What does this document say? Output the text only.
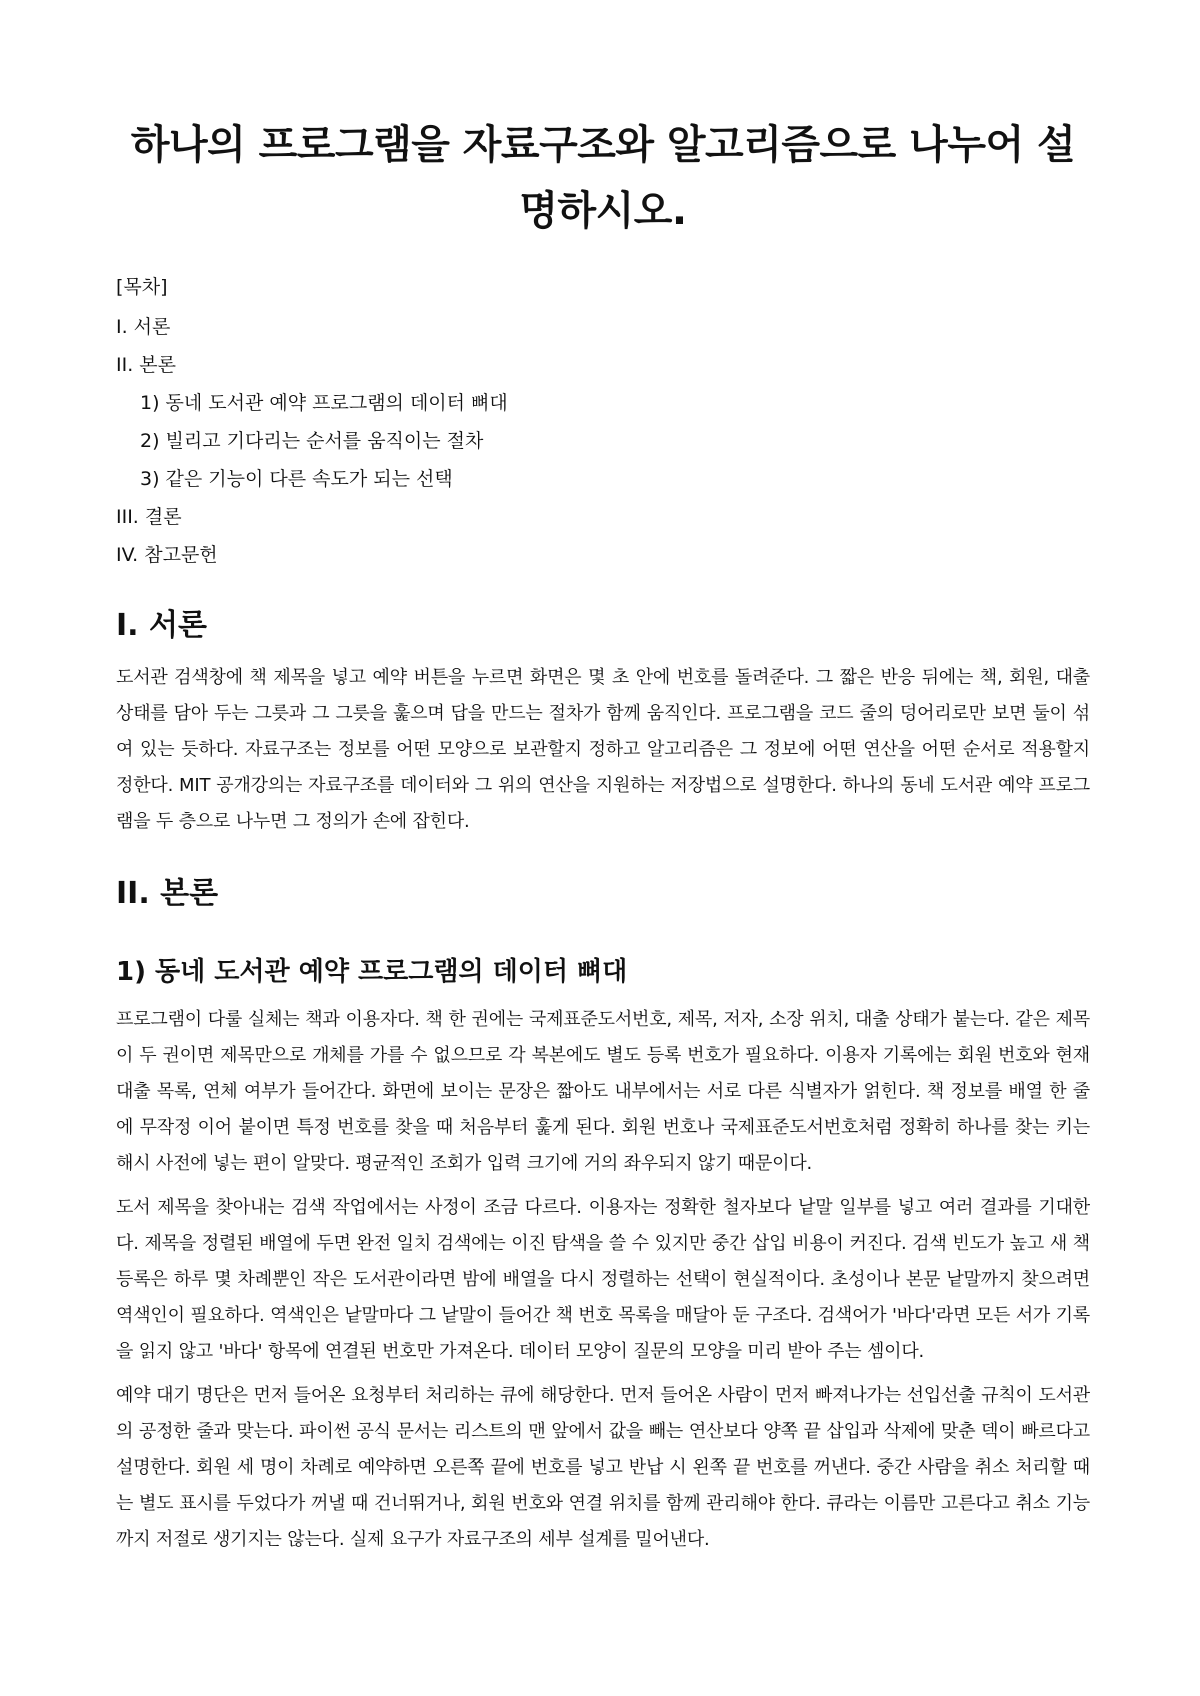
하나의 프로그램을 자료구조와 알고리즘으로 나누어 설명하시오.
[목차]
I. 서론
II. 본론
1) 동네 도서관 예약 프로그램의 데이터 뼈대
2) 빌리고 기다리는 순서를 움직이는 절차
3) 같은 기능이 다른 속도가 되는 선택
III. 결론
IV. 참고문헌
I. 서론

도서관 검색창에 책 제목을 넣고 예약 버튼을 누르면 화면은 몇 초 안에 번호를 돌려준다. 그 짧은 반응 뒤에는 책, 회원, 대출 상태를 담아 두는 그릇과 그 그릇을 훑으며 답을 만드는 절차가 함께 움직인다. 프로그램을 코드 줄의 덩어리로만 보면 둘이 섞여 있는 듯하다. 자료구조는 정보를 어떤 모양으로 보관할지 정하고 알고리즘은 그 정보에 어떤 연산을 어떤 순서로 적용할지 정한다. MIT 공개강의는 자료구조를 데이터와 그 위의 연산을 지원하는 저장법으로 설명한다. 하나의 동네 도서관 예약 프로그램을 두 층으로 나누면 그 정의가 손에 잡힌다.

II. 본론
1) 동네 도서관 예약 프로그램의 데이터 뼈대

프로그램이 다룰 실체는 책과 이용자다. 책 한 권에는 국제표준도서번호, 제목, 저자, 소장 위치, 대출 상태가 붙는다. 같은 제목이 두 권이면 제목만으로 개체를 가를 수 없으므로 각 복본에도 별도 등록 번호가 필요하다. 이용자 기록에는 회원 번호와 현재 대출 목록, 연체 여부가 들어간다. 화면에 보이는 문장은 짧아도 내부에서는 서로 다른 식별자가 얽힌다. 책 정보를 배열 한 줄에 무작정 이어 붙이면 특정 번호를 찾을 때 처음부터 훑게 된다. 회원 번호나 국제표준도서번호처럼 정확히 하나를 찾는 키는 해시 사전에 넣는 편이 알맞다. 평균적인 조회가 입력 크기에 거의 좌우되지 않기 때문이다.

도서 제목을 찾아내는 검색 작업에서는 사정이 조금 다르다. 이용자는 정확한 철자보다 낱말 일부를 넣고 여러 결과를 기대한다. 제목을 정렬된 배열에 두면 완전 일치 검색에는 이진 탐색을 쓸 수 있지만 중간 삽입 비용이 커진다. 검색 빈도가 높고 새 책 등록은 하루 몇 차례뿐인 작은 도서관이라면 밤에 배열을 다시 정렬하는 선택이 현실적이다. 초성이나 본문 낱말까지 찾으려면 역색인이 필요하다. 역색인은 낱말마다 그 낱말이 들어간 책 번호 목록을 매달아 둔 구조다. 검색어가 '바다'라면 모든 서가 기록을 읽지 않고 '바다' 항목에 연결된 번호만 가져온다. 데이터 모양이 질문의 모양을 미리 받아 주는 셈이다.

예약 대기 명단은 먼저 들어온 요청부터 처리하는 큐에 해당한다. 먼저 들어온 사람이 먼저 빠져나가는 선입선출 규칙이 도서관의 공정한 줄과 맞는다. 파이썬 공식 문서는 리스트의 맨 앞에서 값을 빼는 연산보다 양쪽 끝 삽입과 삭제에 맞춘 덱이 빠르다고 설명한다. 회원 세 명이 차례로 예약하면 오른쪽 끝에 번호를 넣고 반납 시 왼쪽 끝 번호를 꺼낸다. 중간 사람을 취소 처리할 때는 별도 표시를 두었다가 꺼낼 때 건너뛰거나, 회원 번호와 연결 위치를 함께 관리해야 한다. 큐라는 이름만 고른다고 취소 기능까지 저절로 생기지는 않는다. 실제 요구가 자료구조의 세부 설계를 밀어낸다.
